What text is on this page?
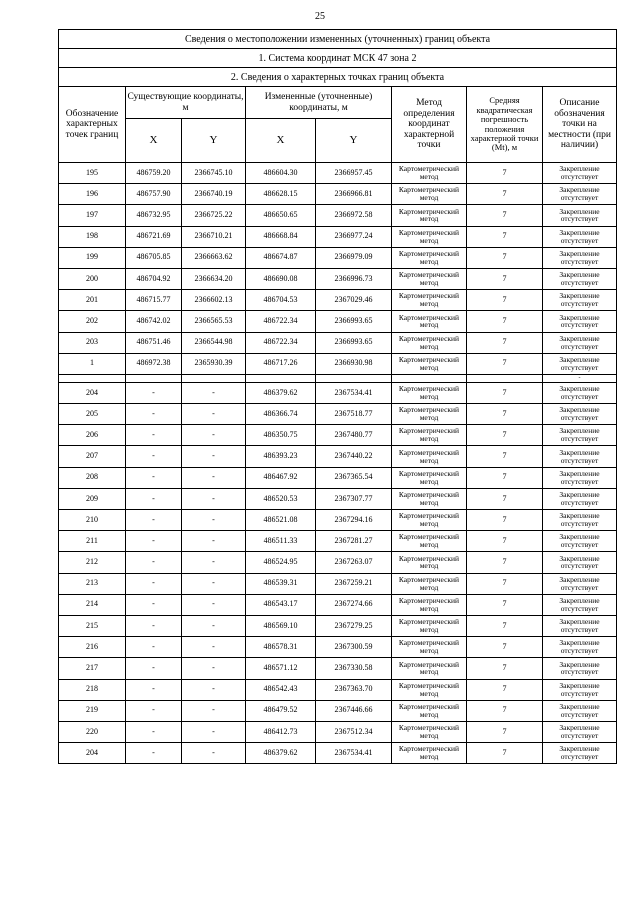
25
Сведения о местоположении измененных (уточненных) границ объекта							
1. Система координат МСК 47 зона 2							
2. Сведения о характерных точках границ объекта							
Обозначение характерных точек границ	Существующие координаты, м		Измененные (уточненные) координаты, м		Метод определения координат характерной точки	Средняя квадратическая погрешность положения характерной точки (Mt), м	Описание обозначения точки на местности (при наличии)
	X	Y	X	Y			
195	486759.20	2366745.10	486604.30	2366957.45	Картометрический метод	7	Закрепление отсутствует
196	486757.90	2366740.19	486628.15	2366966.81	Картометрический метод	7	Закрепление отсутствует
197	486732.95	2366725.22	486650.65	2366972.58	Картометрический метод	7	Закрепление отсутствует
198	486721.69	2366710.21	486668.84	2366977.24	Картометрический метод	7	Закрепление отсутствует
199	486705.85	2366663.62	486674.87	2366979.09	Картометрический метод	7	Закрепление отсутствует
200	486704.92	2366634.20	486690.08	2366996.73	Картометрический метод	7	Закрепление отсутствует
201	486715.77	2366602.13	486704.53	2367029.46	Картометрический метод	7	Закрепление отсутствует
202	486742.02	2366565.53	486722.34	2366993.65	Картометрический метод	7	Закрепление отсутствует
203	486751.46	2366544.98	486722.34	2366993.65	Картометрический метод	7	Закрепление отсутствует
1	486972.38	2365930.39	486717.26	2366930.98	Картометрический метод	7	Закрепление отсутствует
							-
204	-	-	486379.62	2367534.41	Картометрический метод	7	Закрепление отсутствует
205	-	-	486366.74	2367518.77	Картометрический метод	7	Закрепление отсутствует
206	-	-	486350.75	2367480.77	Картометрический метод	7	Закрепление отсутствует
207	-	-	486393.23	2367440.22	Картометрический метод	7	Закрепление отсутствует
208	-	-	486467.92	2367365.54	Картометрический метод	7	Закрепление отсутствует
209	-	-	486520.53	2367307.77	Картометрический метод	7	Закрепление отсутствует
210	-	-	486521.08	2367294.16	Картометрический метод	7	Закрепление отсутствует
211	-	-	486511.33	2367281.27	Картометрический метод	7	Закрепление отсутствует
212	-	-	486524.95	2367263.07	Картометрический метод	7	Закрепление отсутствует
213	-	-	486539.31	2367259.21	Картометрический метод	7	Закрепление отсутствует
214	-	-	486543.17	2367274.66	Картометрический метод	7	Закрепление отсутствует
215	-	-	486569.10	2367279.25	Картометрический метод	7	Закрепление отсутствует
216	-	-	486578.31	2367300.59	Картометрический метод	7	Закрепление отсутствует
217	-	-	486571.12	2367330.58	Картометрический метод	7	Закрепление отсутствует
218	-	-	486542.43	2367363.70	Картометрический метод	7	Закрепление отсутствует
219	-	-	486479.52	2367446.66	Картометрический метод	7	Закрепление отсутствует
220	-	-	486412.73	2367512.34	Картометрический метод	7	Закрепление отсутствует
204	-	-	486379.62	2367534.41	Картометрический метод	7	Закрепление отсутствует
